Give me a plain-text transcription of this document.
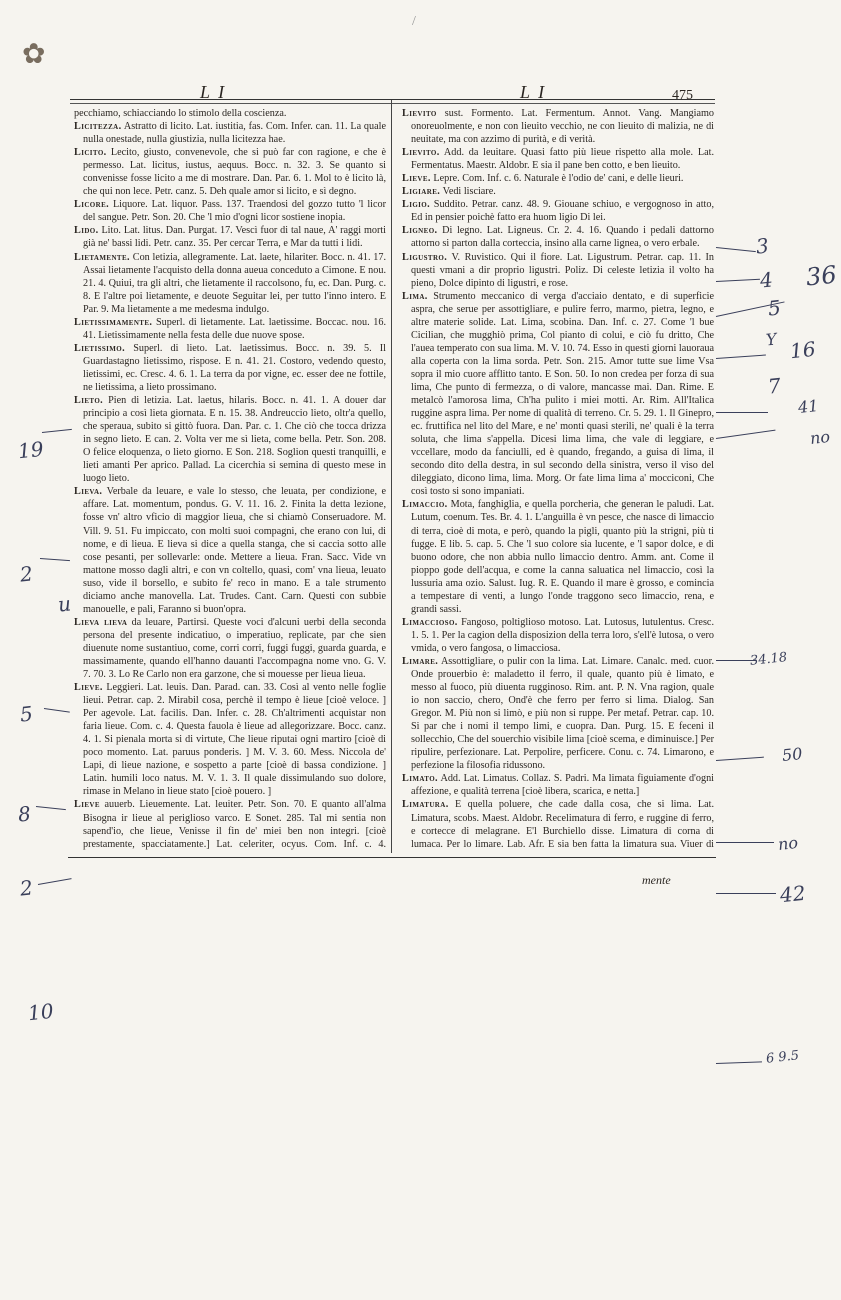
✿
/
L I	L I	475

pecchiamo, schiacciando lo stimolo della coscienza.

Licitezza. Astratto di licito. Lat. iustitia, fas. Com. Infer. can. 11. La quale nulla onestade, nulla giustizia, nulla licitezza hae.

Licito. Lecito, giusto, convenevole, che si può far con ragione, e che è permesso. Lat. licitus, iustus, aequus. Bocc. n. 32. 3. Se quanto si convenisse fosse licito a me di mostrare. Dan. Par. 6. 1. Mol to è licito là, che qui non lece. Petr. canz. 5. Deh quale amor si licito, e sì degno.

Licore. Liquore. Lat. liquor. Pass. 137. Traendosi del gozzo tutto 'l licor del sangue. Petr. Son. 20. Che 'l mio d'ogni licor sostiene inopia.

Lido. Lito. Lat. litus. Dan. Purgat. 17. Vescì fuor di tal naue, A' raggi morti già ne' bassi lidi. Petr. canz. 35. Per cercar Terra, e Mar da tutti i lidi.

Lietamente. Con letizia, allegramente. Lat. laete, hilariter. Bocc. n. 41. 17. Assai lietamente l'acquisto della donna aueua conceduto a Cimone. E nou. 21. 4. Quiui, tra gli altri, che lietamente il raccolsono, fu, ec. Dan. Purg. c. 8. E l'altre poi lietamente, e deuote Seguitar lei, per tutto l'inno intero. E Par. 9. Ma lietamente a me medesma indulgo.

Lietissimamente. Superl. di lietamente. Lat. laetissime. Boccac. nou. 16. 41. Lietissimamente nella festa delle due nuove spose.

Lietissimo. Superl. di lieto. Lat. laetissimus. Bocc. n. 39. 5. Il Guardastagno lietissimo, rispose. E n. 41. 21. Costoro, vedendo questo, lietissimi, ec. Cresc. 4. 6. 1. La terra da por vigne, ec. esser dee ne fottile, ne lietissima, a lieto prossimano.

Lieto. Pien di letizia. Lat. laetus, hilaris. Bocc. n. 41. 1. A douer dar principio a così lieta giornata. E n. 15. 38. Andreuccio lieto, oltr'a quello, che speraua, subito si gittò fuora. Dan. Par. c. 1. Che ciò che tocca drizza in segno lieto. E can. 2. Volta ver me sì lieta, come bella. Petr. Son. 208. O felice eloquenza, o lieto giorno. E Son. 218. Soglion questi tranquilli, e lieti amanti Per aprico. Pallad. La cicerchia si semina di questo mese in luogo lieto.

Lieva. Verbale da leuare, e vale lo stesso, che leuata, per condizione, e affare. Lat. momentum, pondus. G. V. 11. 16. 2. Finita la detta lezione, fosse vn' altro vficio di maggior lieua, che si chiamò Conseruadore. M. Vill. 9. 51. Fu impiccato, con molti suoi compagni, che erano con lui, di nome, e di lieua. E lieva si dice a quella stanga, che si caccia sotto alle cose pesanti, per sollevarle: onde. Mettere a lieua. Fran. Sacc. Vide vn mattone mosso dagli altri, e con vn coltello, quasi, com' vna lieua, leuato suso, vide il borsello, e subito fe' reco in mano. E a tale strumento diciamo anche manovella. Lat. Trudes. Cant. Carn. Questi con subbie manouelle, e pali, Faranno si buon'opra.

Lieva lieva da leuare, Partirsi. Queste voci d'alcuni uerbi della seconda persona del presente indicatiuo, o imperatiuo, replicate, par che sien diuenute nome sustantiuo, come, corri corri, fuggi fuggi, guarda guarda, e massimamente, quando ell'hanno dauanti l'accompagna nome vno. G. V. 7. 70. 3. Lo Re Carlo non era garzone, che si mouesse per lieua lieua.

Lieve. Leggieri. Lat. leuis. Dan. Parad. can. 33. Così al vento nelle foglie lieui. Petrar. cap. 2. Mirabil cosa, perchè il tempo è lieue [cioè veloce. ] Per agevole. Lat. facilis. Dan. Infer. c. 28. Ch'altrimenti acquistar non faria lieue. Com. c. 4. Questa fauola è lieue ad allegorizzare. Bocc. canz. 4. 1. Si pienala morta si di virtute, Che lieue riputai ogni martiro [cioè di poco momento. Lat. paruus ponderis. ] M. V. 3. 60. Mess. Niccola de' Lapi, di lieue nazione, e sospetto a parte [cioè di bassa condizione. ] Latin. humili loco natus. M. V. 1. 3. Il quale dissimulando suo dolore, rimase in Melano in lieue stato [cioè pouero. ]

Lieve auuerb. Lieuemente. Lat. leuiter. Petr. Son. 70. E quanto all'alma Bisogna ir lieue al periglioso varco. E Sonet. 285. Tal mi sentia non sapend'io, che lieue, Venisse il fin de' miei ben non integri. [cioè prestamente, spacciatamente.] Lat. celeriter, ocyus. Com. Inf. c. 4.

Lievito sust. Formento. Lat. Fermentum. Annot. Vang. Mangiamo onoreuolmente, e non con lieuito vecchio, ne con lieuito di malizia, ne di neuitate, ma con azzimo di purità, e di verità.

Lievito. Add. da leuitare. Quasi fatto più lieue rispetto alla mole. Lat. Fermentatus. Maestr. Aldobr. E sia il pane ben cotto, e ben lieuito.

Lieve. Lepre. Com. Inf. c. 6. Naturale è l'odio de' cani, e delle lieuri.

Ligiare. Vedi lisciare.

Ligio. Suddito. Petrar. canz. 48. 9. Giouane schiuo, e vergognoso in atto, Ed in pensier poichè fatto era huom ligio Di lei.

Ligneo. Di legno. Lat. Ligneus. Cr. 2. 4. 16. Quando i pedali dattorno attorno si parton dalla corteccia, insino alla carne lignea, o vero erbale.

Ligustro. V. Ruvistico. Qui il fiore. Lat. Ligustrum. Petrar. cap. 11. In questi vmani a dir proprio ligustri. Poliz. Di celeste letizia il volto ha pieno, Dolce dipinto di ligustri, e rose.

Lima. Strumento meccanico di verga d'acciaio dentato, e di superficie aspra, che serue per assottigliare, e pulire ferro, marmo, pietra, legno, e altre materie solide. Lat. Lima, scobina. Dan. Inf. c. 27. Come 'l bue Cicilian, che mugghiò prima, Col pianto di colui, e ciò fu dritto, Che l'auea temperato con sua lima. M. V. 10. 74. Esso in questi giorni lauoraua alla coperta con la lima sorda. Petr. Son. 215. Amor tutte sue lime Vsa sopra il mio cuore afflitto tanto. E Son. 50. Io non credea per forza di sua lima, Che punto di fermezza, o di valore, mancasse mai. Dan. Rime. E metalcò l'amorosa lima, Ch'ha pulito i miei motti. Ar. Rim. All'Italica ruggine aspra lima. Per nome di qualità di terreno. Cr. 5. 29. 1. Il Ginepro, ec. fruttifica nel lito del Mare, e ne' monti quasi sterili, ne' quali è la terra soluta, che lima s'appella. Dicesi lima lima, che vale di leggiare, e vccellare, modo da fanciulli, ed è quando, fregando, a guisa di lima, il secondo dito della destra, in sul secondo della sinistra, verso il viso del dileggiato, dicono lima, lima. Morg. Or fate lima lima a' mocciconi, Che così tosto si sono impaniati.

Limaccio. Mota, fanghiglia, e quella porcheria, che generan le paludi. Lat. Lutum, coenum. Tes. Br. 4. 1. L'anguilla è vn pesce, che nasce di limaccio di terra, cioè di mota, e però, quando la pigli, quanto più la strigni, più ti fugge. E lib. 5. cap. 5. Che 'l suo colore sia lucente, e 'l sapor dolce, e di buono odore, che non abbia nullo limaccio dentro. Amm. ant. Come il pioppo gode dell'acqua, e come la canna saluatica nel limaccio, così la lussuria ama ozio. Salust. Iug. R. E. Quando il mare è grosso, e comincia a tempestare di venti, a lungo l'onde traggono seco limaccio, rena, e grandi sassi.

Limaccioso. Fangoso, poltiglioso motoso. Lat. Lutosus, lutulentus. Cresc. 1. 5. 1. Per la cagion della disposizion della terra loro, s'ell'è lutosa, o vero vmida, o vero fangosa, o limacciosa.

Limare. Assottigliare, o pulir con la lima. Lat. Limare. Canalc. med. cuor. Onde prouerbio è: maladetto il ferro, il quale, quanto più è limato, e messo al fuoco, più diuenta rugginoso. Rim. ant. P. N. Vna ragion, quale io non saccio, chero, Ond'è che ferro per ferro si lima. Dialog. San Gregor. M. Più non si limò, e più non si ruppe. Per metaf. Petrar. cap. 10. Si par che i nomi il tempo limi, e cuopra. Dan. Purg. 15. E feceni il sollecchio, Che del souerchio visibile lima [cioè scema, e diminuisce.] Per ripulire, perfezionare. Lat. Perpolire, perficere. Conu. c. 74. Limarono, e perfezione la filosofia ridussono.

Limato. Add. Lat. Limatus. Collaz. S. Padri. Ma limata figuiamente d'ogni affezione, e qualità terrena [cioè libera, scarica, e netta.]

Limatura. E quella poluere, che cade dalla cosa, che si lima. Lat. Limatura, scobs. Maest. Aldobr. Recelimatura di ferro, e ruggine di ferro, e cortecce di melagrane. E'l Burchiello disse. Limatura di corna di lumaca. Per lo limare. Lab. Afr. E sia ben fatta la limatura sua. Viuer di

mente
19
2
u
5
8
2
10
3
4 36
5
Y 16
7
41
no
34.18
50
no
42
6 9.5
